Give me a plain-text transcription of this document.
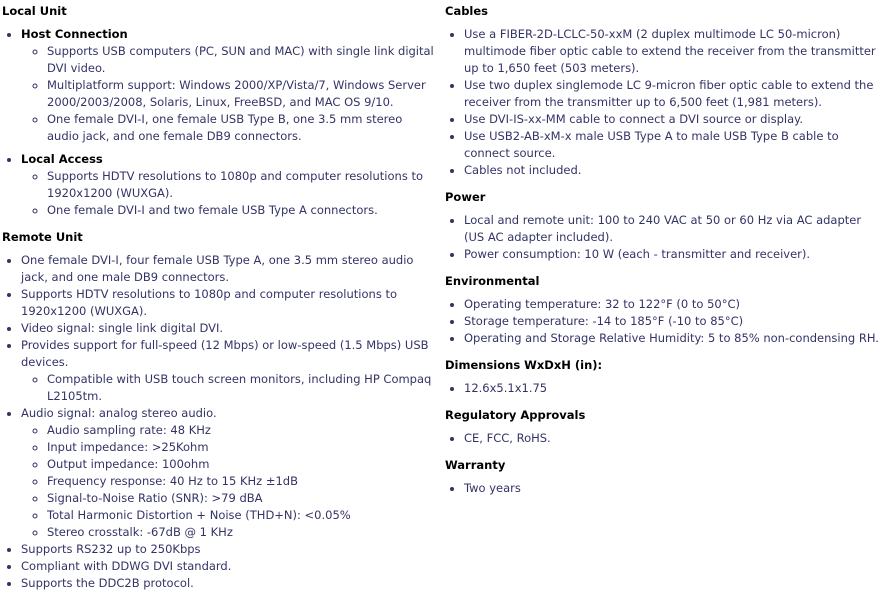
Local Unit
• Host Connection
◦ Supports USB computers (PC, SUN and MAC) with single link digital DVI video.
◦ Multiplatform support: Windows 2000/XP/Vista/7, Windows Server 2000/2003/2008, Solaris, Linux, FreeBSD, and MAC OS 9/10.
◦ One female DVI-I, one female USB Type B, one 3.5 mm stereo audio jack, and one female DB9 connectors.
• Local Access
◦ Supports HDTV resolutions to 1080p and computer resolutions to 1920x1200 (WUXGA).
◦ One female DVI-I and two female USB Type A connectors.
Remote Unit
• One female DVI-I, four female USB Type A, one 3.5 mm stereo audio jack, and one male DB9 connectors.
• Supports HDTV resolutions to 1080p and computer resolutions to 1920x1200 (WUXGA).
• Video signal: single link digital DVI.
• Provides support for full-speed (12 Mbps) or low-speed (1.5 Mbps) USB devices.
◦ Compatible with USB touch screen monitors, including HP Compaq L2105tm.
• Audio signal: analog stereo audio.
◦ Audio sampling rate: 48 KHz
◦ Input impedance: >25Kohm
◦ Output impedance: 100ohm
◦ Frequency response: 40 Hz to 15 KHz ±1dB
◦ Signal-to-Noise Ratio (SNR): >79 dBA
◦ Total Harmonic Distortion + Noise (THD+N): <0.05%
◦ Stereo crosstalk: -67dB @ 1 KHz
• Supports RS232 up to 250Kbps
• Compliant with DDWG DVI standard.
• Supports the DDC2B protocol.
Cables
• Use a FIBER-2D-LCLC-50-xxM (2 duplex multimode LC 50-micron) multimode fiber optic cable to extend the receiver from the transmitter up to 1,650 feet (503 meters).
• Use two duplex singlemode LC 9-micron fiber optic cable to extend the receiver from the transmitter up to 6,500 feet (1,981 meters).
• Use DVI-IS-xx-MM cable to connect a DVI source or display.
• Use USB2-AB-xM-x male USB Type A to male USB Type B cable to connect source.
• Cables not included.
Power
• Local and remote unit: 100 to 240 VAC at 50 or 60 Hz via AC adapter (US AC adapter included).
• Power consumption: 10 W (each - transmitter and receiver).
Environmental
• Operating temperature: 32 to 122°F (0 to 50°C)
• Storage temperature: -14 to 185°F (-10 to 85°C)
• Operating and Storage Relative Humidity: 5 to 85% non-condensing RH.
Dimensions WxDxH (in):
• 12.6x5.1x1.75
Regulatory Approvals
• CE, FCC, RoHS.
Warranty
• Two years
